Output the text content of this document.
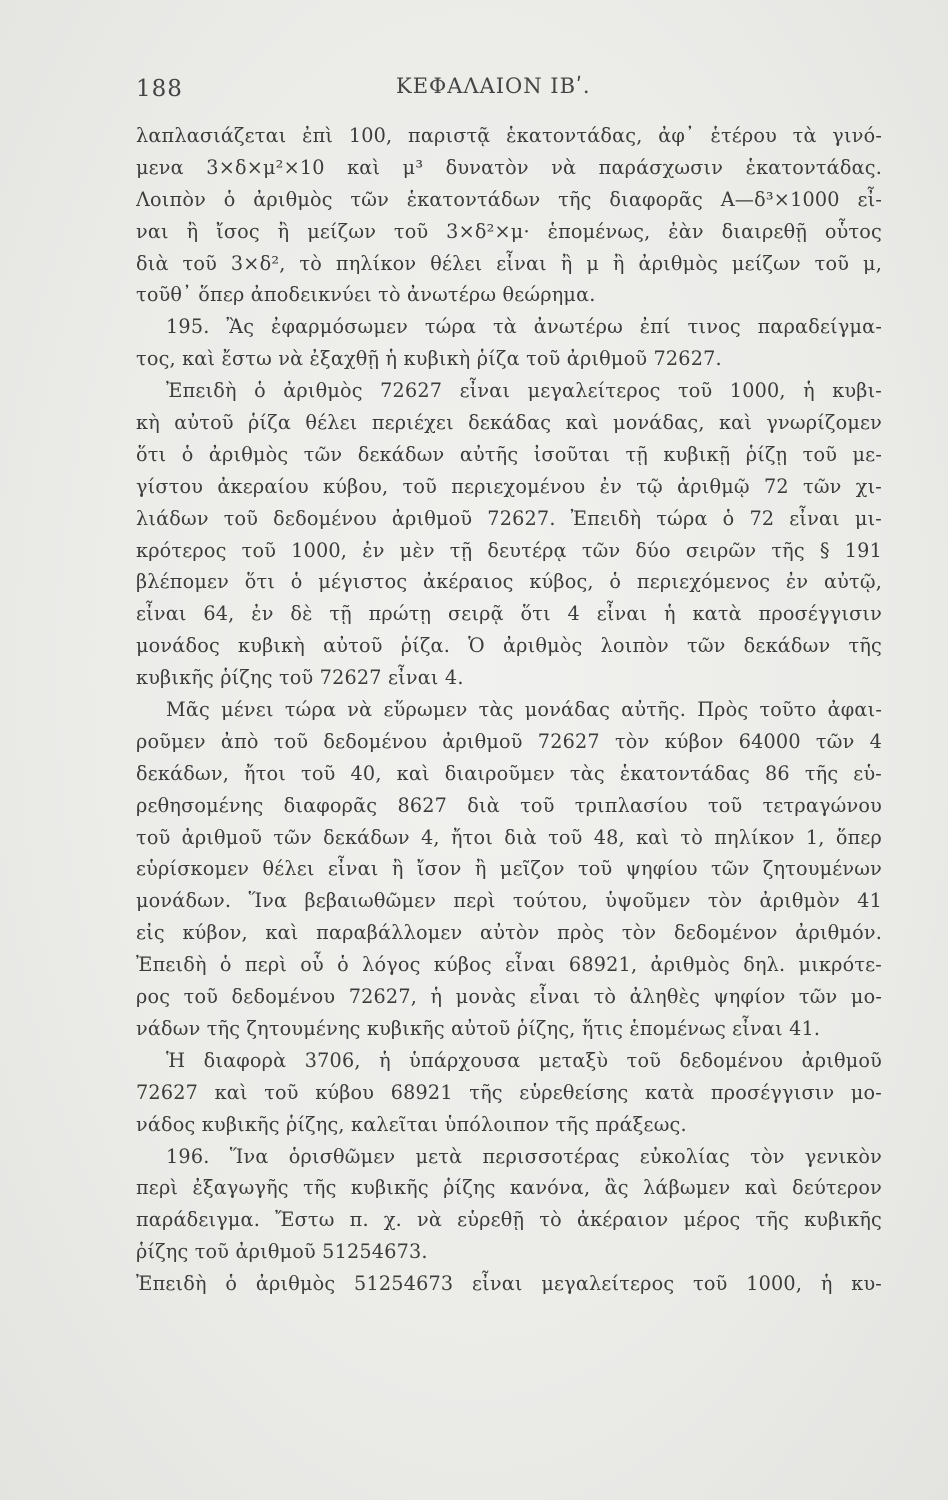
188	ΚΕΦΑΛΑΙΟΝ ΙΒʹ.
λαπλασιάζεται ἐπὶ 100, παριστᾷ ἑκατοντάδας, ἀφ᾽ ἑτέρου τὰ γινό-
μενα 3×δ×μ²×10 καὶ μ³ δυνατὸν νὰ παράσχωσιν ἑκατοντάδας.
Λοιπὸν ὁ ἀριθμὸς τῶν ἑκατοντάδων τῆς διαφορᾶς Α—δ³×1000 εἶ-
ναι ἢ ἴσος ἢ μείζων τοῦ 3×δ²×μ· ἑπομένως, ἐὰν διαιρεθῇ οὗτος
διὰ τοῦ 3×δ², τὸ πηλίκον θέλει εἶναι ἢ μ ἢ ἀριθμὸς μείζων τοῦ μ,
τοῦθ᾽ ὅπερ ἀποδεικνύει τὸ ἀνωτέρω θεώρημα.
195. Ἂς ἐφαρμόσωμεν τώρα τὰ ἀνωτέρω ἐπί τινος παραδείγμα-
τος, καὶ ἔστω νὰ ἐξαχθῇ ἡ κυβικὴ ῥίζα τοῦ ἀριθμοῦ 72627.
Ἐπειδὴ ὁ ἀριθμὸς 72627 εἶναι μεγαλείτερος τοῦ 1000, ἡ κυβι-
κὴ αὐτοῦ ῥίζα θέλει περιέχει δεκάδας καὶ μονάδας, καὶ γνωρίζομεν
ὅτι ὁ ἀριθμὸς τῶν δεκάδων αὐτῆς ἰσοῦται τῇ κυβικῇ ῥίζῃ τοῦ με-
γίστου ἀκεραίου κύβου, τοῦ περιεχομένου ἐν τῷ ἀριθμῷ 72 τῶν χι-
λιάδων τοῦ δεδομένου ἀριθμοῦ 72627. Ἐπειδὴ τώρα ὁ 72 εἶναι μι-
κρότερος τοῦ 1000, ἐν μὲν τῇ δευτέρᾳ τῶν δύο σειρῶν τῆς § 191
βλέπομεν ὅτι ὁ μέγιστος ἀκέραιος κύβος, ὁ περιεχόμενος ἐν αὐτῷ,
εἶναι 64, ἐν δὲ τῇ πρώτῃ σειρᾷ ὅτι 4 εἶναι ἡ κατὰ προσέγγισιν
μονάδος κυβικὴ αὐτοῦ ῥίζα. Ὁ ἀριθμὸς λοιπὸν τῶν δεκάδων τῆς
κυβικῆς ῥίζης τοῦ 72627 εἶναι 4.
Μᾶς μένει τώρα νὰ εὕρωμεν τὰς μονάδας αὐτῆς. Πρὸς τοῦτο ἀφαι-
ροῦμεν ἀπὸ τοῦ δεδομένου ἀριθμοῦ 72627 τὸν κύβον 64000 τῶν 4
δεκάδων, ἤτοι τοῦ 40, καὶ διαιροῦμεν τὰς ἑκατοντάδας 86 τῆς εὑ-
ρεθησομένης διαφορᾶς 8627 διὰ τοῦ τριπλασίου τοῦ τετραγώνου
τοῦ ἀριθμοῦ τῶν δεκάδων 4, ἤτοι διὰ τοῦ 48, καὶ τὸ πηλίκον 1, ὅπερ
εὑρίσκομεν θέλει εἶναι ἢ ἴσον ἢ μεῖζον τοῦ ψηφίου τῶν ζητουμένων
μονάδων. Ἵνα βεβαιωθῶμεν περὶ τούτου, ὑψοῦμεν τὸν ἀριθμὸν 41
εἰς κύβον, καὶ παραβάλλομεν αὐτὸν πρὸς τὸν δεδομένον ἀριθμόν.
Ἐπειδὴ ὁ περὶ οὗ ὁ λόγος κύβος εἶναι 68921, ἀριθμὸς δηλ. μικρότε-
ρος τοῦ δεδομένου 72627, ἡ μονὰς εἶναι τὸ ἀληθὲς ψηφίον τῶν μο-
νάδων τῆς ζητουμένης κυβικῆς αὐτοῦ ῥίζης, ἥτις ἑπομένως εἶναι 41.
Ἡ διαφορὰ 3706, ἡ ὑπάρχουσα μεταξὺ τοῦ δεδομένου ἀριθμοῦ
72627 καὶ τοῦ κύβου 68921 τῆς εὑρεθείσης κατὰ προσέγγισιν μο-
νάδος κυβικῆς ῥίζης, καλεῖται ὑπόλοιπον τῆς πράξεως.
196. Ἵνα ὁρισθῶμεν μετὰ περισσοτέρας εὐκολίας τὸν γενικὸν
περὶ ἐξαγωγῆς τῆς κυβικῆς ῥίζης κανόνα, ἂς λάβωμεν καὶ δεύτερον
παράδειγμα. Ἔστω π. χ. νὰ εὑρεθῇ τὸ ἀκέραιον μέρος τῆς κυβικῆς
ῥίζης τοῦ ἀριθμοῦ 51254673.
Ἐπειδὴ ὁ ἀριθμὸς 51254673 εἶναι μεγαλείτερος τοῦ 1000, ἡ κυ-
